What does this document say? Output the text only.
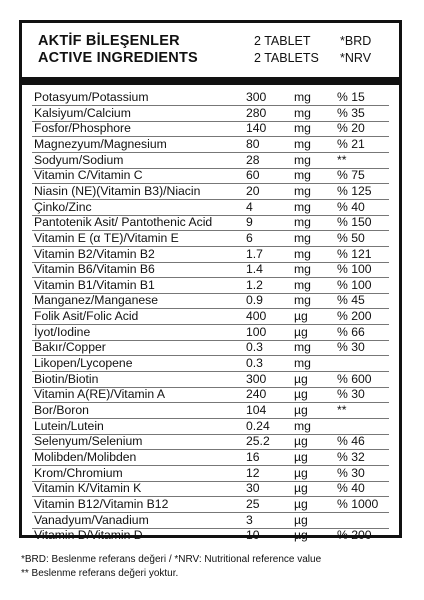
AKTİF BİLEŞENLER
ACTIVE INGREDIENTS
2 TABLET
2 TABLETS
*BRD
*NRV
Potasyum/Potassium	300 mg % 15
Kalsiyum/Calcium	280 mg % 35
Fosfor/Phosphore	140 mg % 20
Magnezyum/Magnesium	80	mg % 21
Sodyum/Sodium	28	mg **
Vitamin C/Vitamin C	60	mg % 75
Niasin (NE)(Vitamin B3)/Niacin	20	mg % 125
Çinko/Zinc	4	mg % 40
Pantotenik Asit/ Pantothenic Acid	9	mg % 150
Vitamin E (α TE)/Vitamin E	6	mg % 50
Vitamin B2/Vitamin B2	1.7	mg % 121
Vitamin B6/Vitamin B6	1.4	mg % 100
Vitamin B1/Vitamin B1	1.2	mg % 100
Manganez/Manganese	0.9	mg % 45
Folik Asit/Folic Acid	400 µg % 200
İyot/Iodine	100 µg % 66
Bakır/Copper	0.3	mg % 30
Likopen/Lycopene	0.3	mg
Biotin/Biotin	300 µg % 600
Vitamin A(RE)/Vitamin A	240 µg % 30
Bor/Boron	104 µg **
Lutein/Lutein	0.24 mg
Selenyum/Selenium	25.2 µg % 46
Molibden/Molibden	16	µg % 32
Krom/Chromium	12	µg % 30
Vitamin K/Vitamin K	30	µg % 40
Vitamin B12/Vitamin B12	25	µg % 1000
Vanadyum/Vanadium	3	µg
Vitamin D/Vitamin D	10	µg % 200
*BRD: Beslenme referans değeri / *NRV: Nutritional reference value
** Beslenme referans değeri yoktur.
